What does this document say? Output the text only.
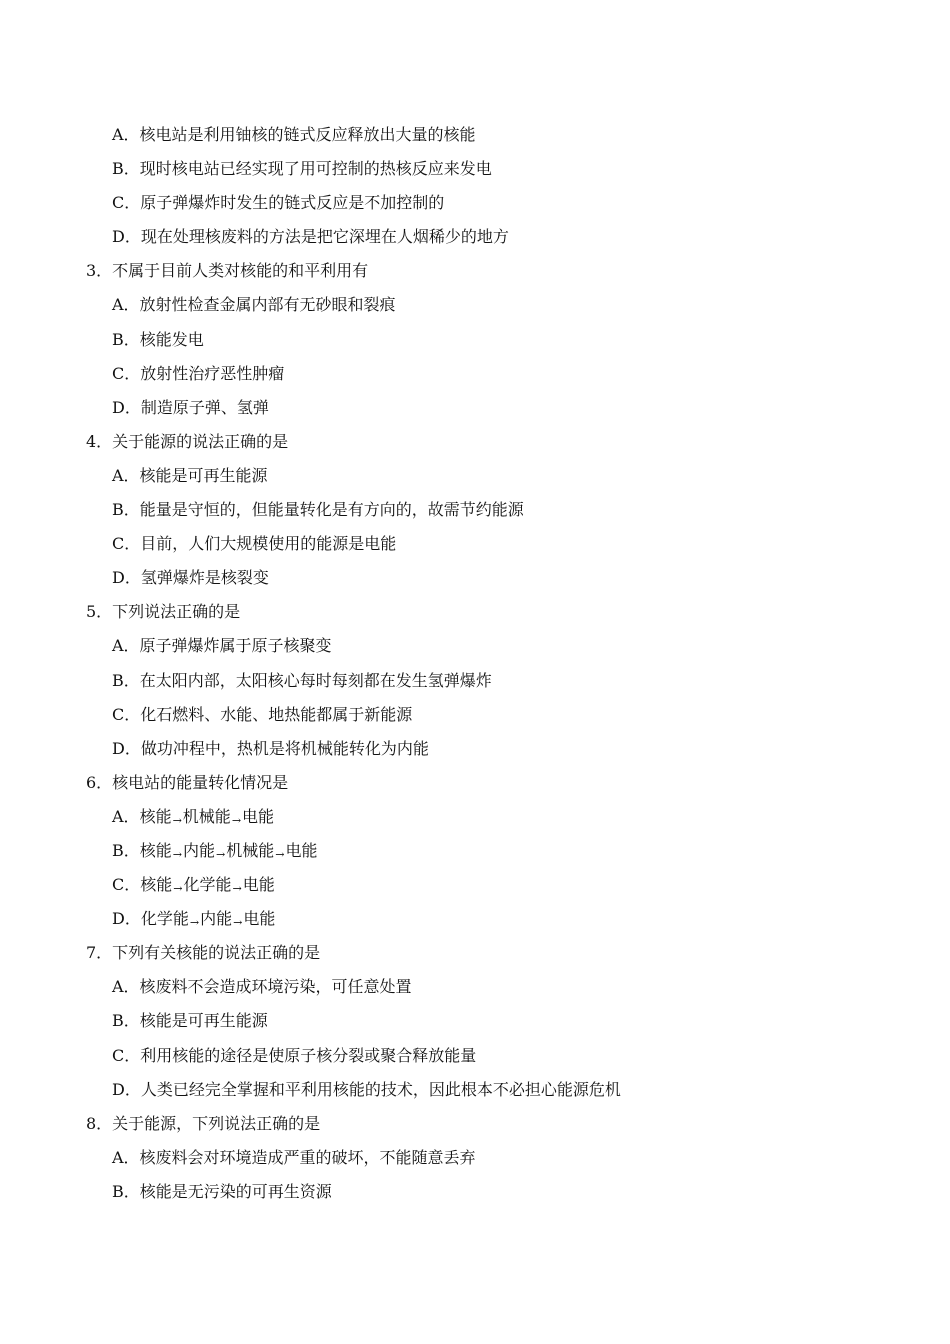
A．核电站是利用铀核的链式反应释放出大量的核能
B．现时核电站已经实现了用可控制的热核反应来发电
C．原子弹爆炸时发生的链式反应是不加控制的
D．现在处理核废料的方法是把它深埋在人烟稀少的地方
3．不属于目前人类对核能的和平利用有
A．放射性检查金属内部有无砂眼和裂痕
B．核能发电
C．放射性治疗恶性肿瘤
D．制造原子弹、氢弹
4．关于能源的说法正确的是
A．核能是可再生能源
B．能量是守恒的，但能量转化是有方向的，故需节约能源
C．目前，人们大规模使用的能源是电能
D．氢弹爆炸是核裂变
5．下列说法正确的是
A．原子弹爆炸属于原子核聚变
B．在太阳内部，太阳核心每时每刻都在发生氢弹爆炸
C．化石燃料、水能、地热能都属于新能源
D．做功冲程中，热机是将机械能转化为内能
6．核电站的能量转化情况是
A．核能→机械能→电能
B．核能→内能→机械能→电能
C．核能→化学能→电能
D．化学能→内能→电能
7．下列有关核能的说法正确的是
A．核废料不会造成环境污染，可任意处置
B．核能是可再生能源
C．利用核能的途径是使原子核分裂或聚合释放能量
D．人类已经完全掌握和平利用核能的技术，因此根本不必担心能源危机
8．关于能源，下列说法正确的是
A．核废料会对环境造成严重的破坏，不能随意丢弃
B．核能是无污染的可再生资源
